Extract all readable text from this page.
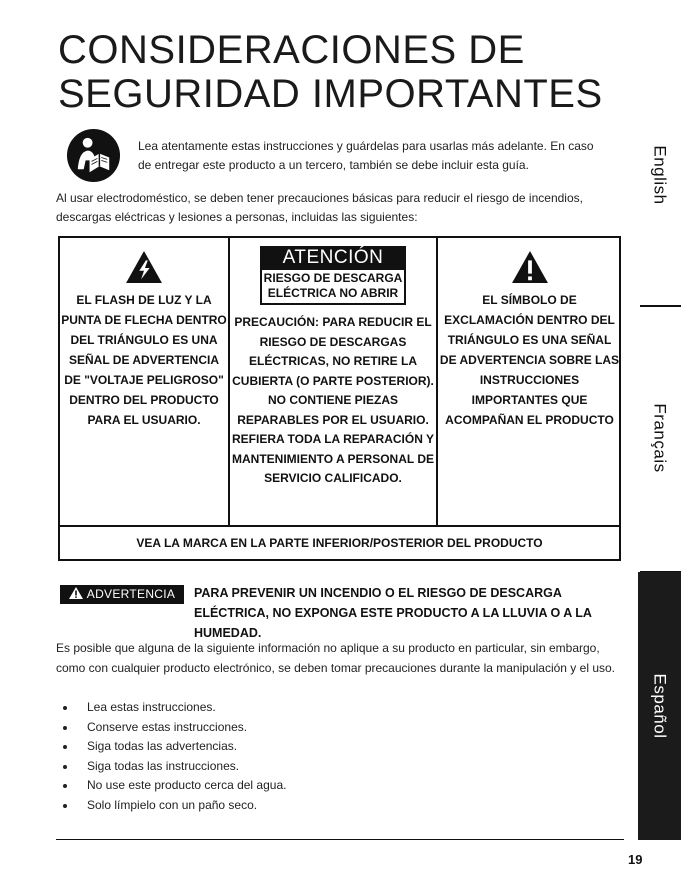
CONSIDERACIONES DE
SEGURIDAD IMPORTANTES
Lea atentamente estas instrucciones y guárdelas para usarlas más adelante. En caso de entregar este producto a un tercero, también se debe incluir esta guía.
Al usar electrodoméstico, se deben tener precauciones básicas para reducir el riesgo de incendios, descargas eléctricas y lesiones a personas, incluidas las siguientes:
EL FLASH DE LUZ Y LA PUNTA DE FLECHA DENTRO DEL TRIÁNGULO ES UNA SEÑAL DE ADVERTENCIA DE "VOLTAJE PELIGROSO" DENTRO DEL PRODUCTO PARA EL USUARIO.
ATENCIÓN
RIESGO DE DESCARGA ELÉCTRICA NO ABRIR
PRECAUCIÓN: PARA REDUCIR EL RIESGO DE DESCARGAS ELÉCTRICAS, NO RETIRE LA CUBIERTA (O PARTE POSTERIOR). NO CONTIENE PIEZAS REPARABLES POR EL USUARIO. REFIERA TODA LA REPARACIÓN Y MANTENIMIENTO A PERSONAL DE SERVICIO CALIFICADO.
EL SÍMBOLO DE EXCLAMACIÓN DENTRO DEL TRIÁNGULO ES UNA SEÑAL DE ADVERTENCIA SOBRE LAS INSTRUCCIONES IMPORTANTES QUE ACOMPAÑAN EL PRODUCTO
VEA LA MARCA EN LA PARTE INFERIOR/POSTERIOR DEL PRODUCTO
ADVERTENCIA	PARA PREVENIR UN INCENDIO O EL RIESGO DE DESCARGA ELÉCTRICA, NO EXPONGA ESTE PRODUCTO A LA LLUVIA O A LA HUMEDAD.
Es posible que alguna de la siguiente información no aplique a su producto en particular, sin embargo, como con cualquier producto electrónico, se deben tomar precauciones durante la manipulación y el uso.
Lea estas instrucciones.
Conserve estas instrucciones.
Siga todas las advertencias.
Siga todas las instrucciones.
No use este producto cerca del agua.
Solo límpielo con un paño seco.
19
English
Français
Español
